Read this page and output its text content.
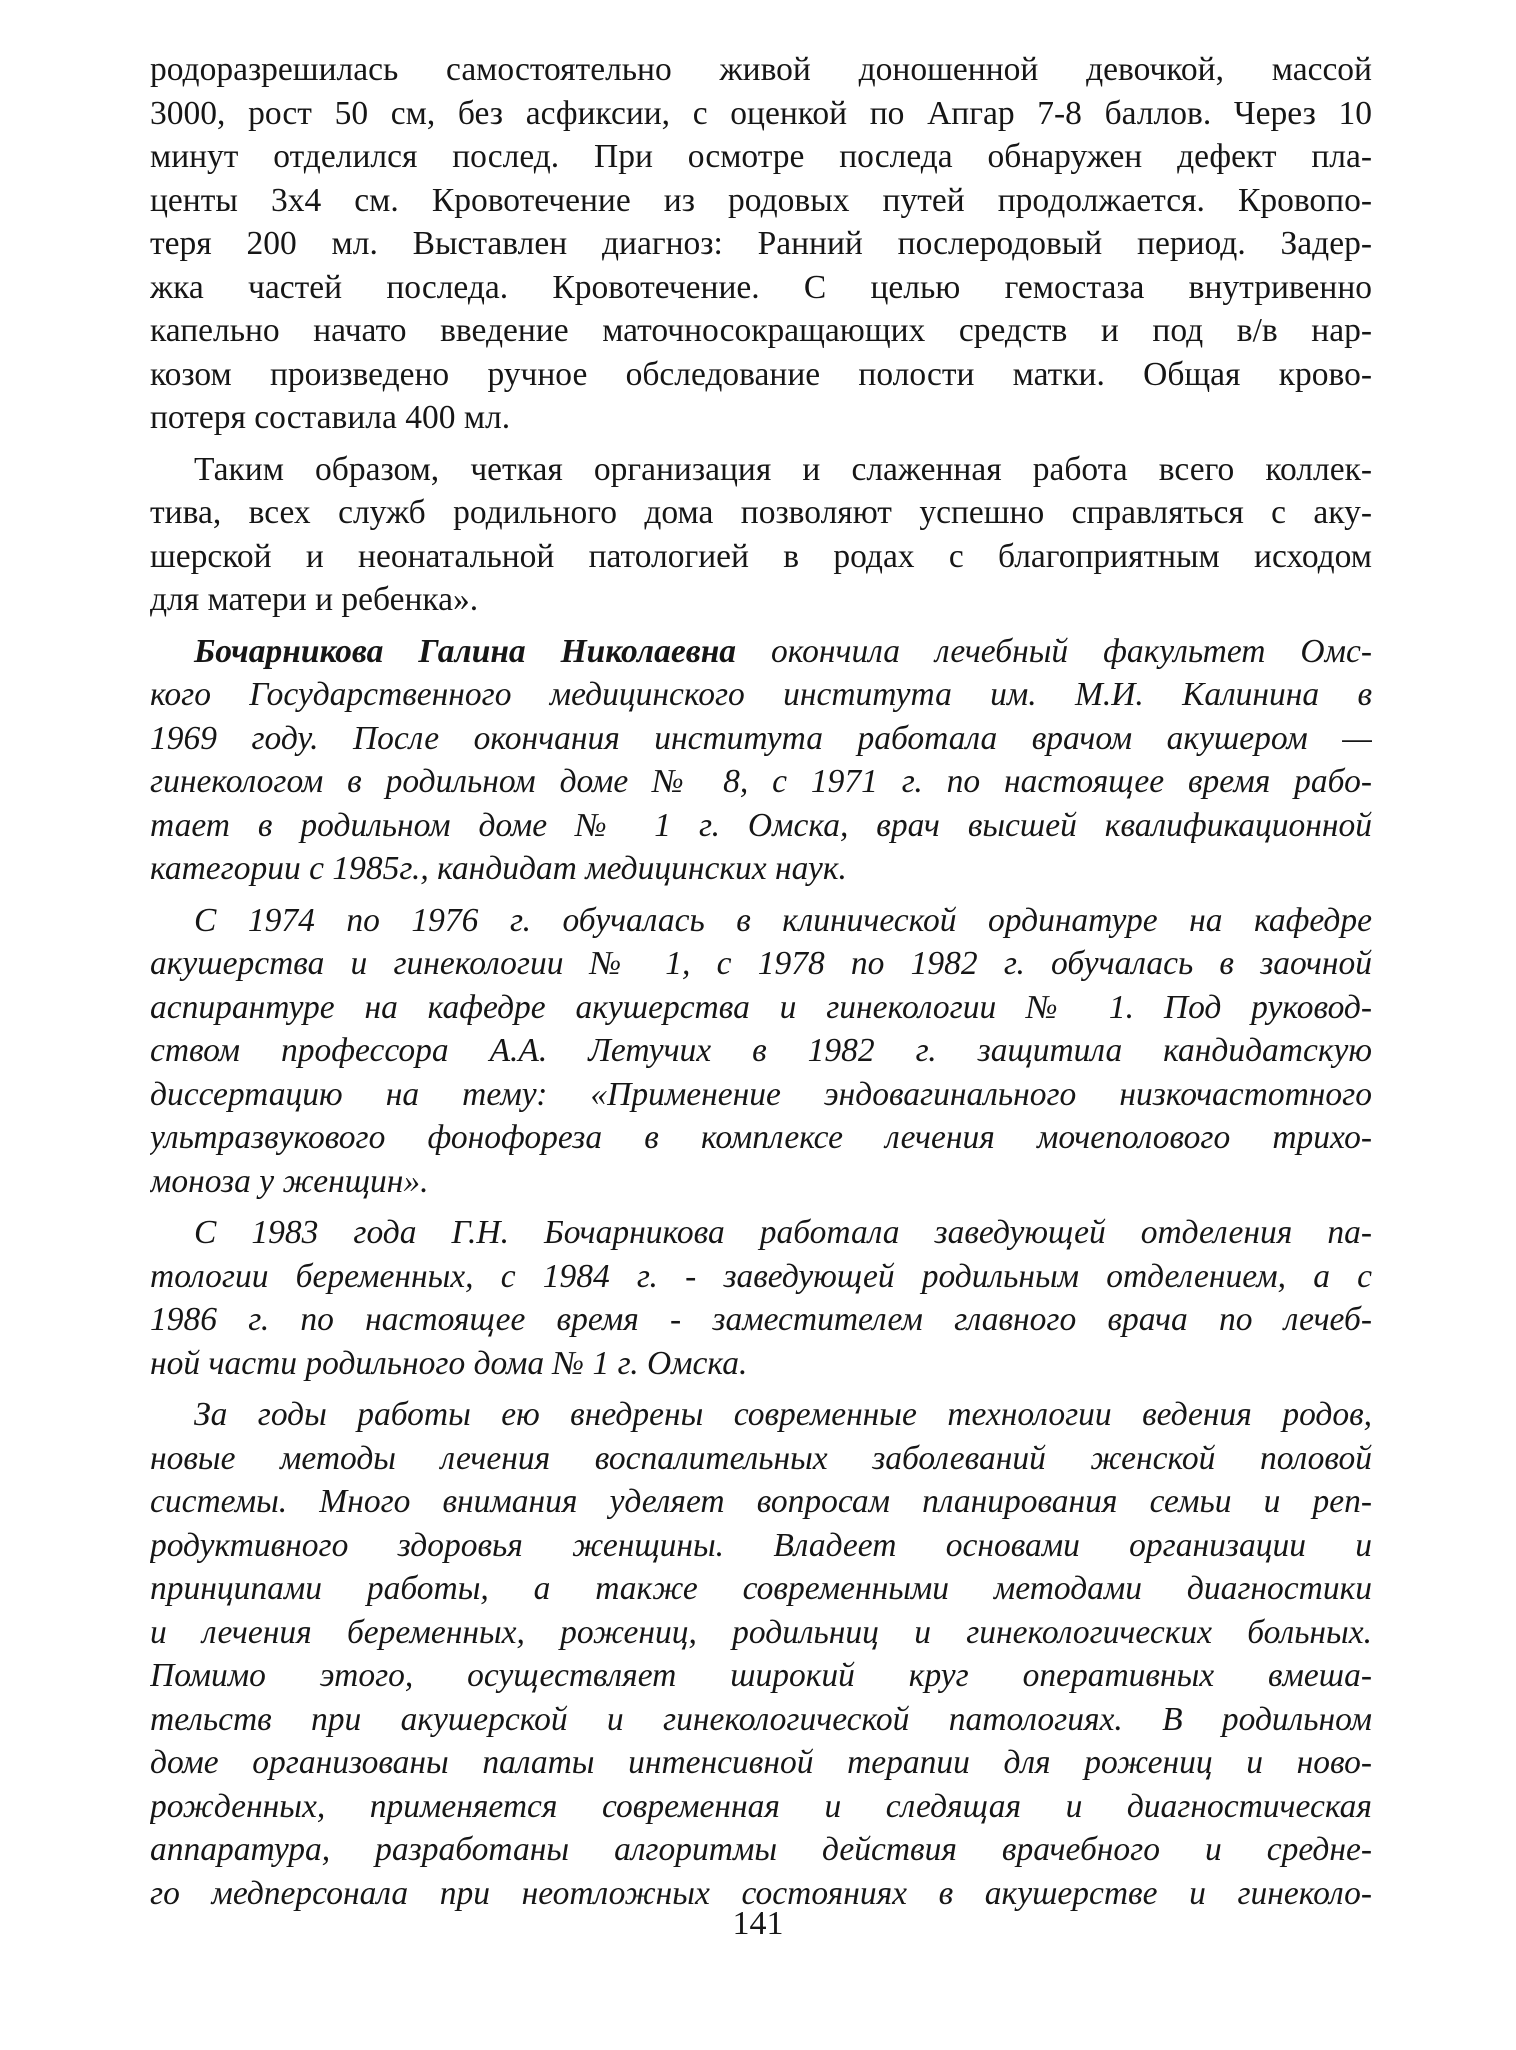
родоразрешилась самостоятельно живой доношенной девочкой, массой
3000, рост 50 см, без асфиксии, с оценкой по Апгар 7-8 баллов. Через 10
минут отделился послед. При осмотре последа обнаружен дефект пла-
центы 3х4 см. Кровотечение из родовых путей продолжается. Кровопо-
теря 200 мл. Выставлен диагноз: Ранний послеродовый период. Задер-
жка частей последа. Кровотечение. С целью гемостаза внутривенно
капельно начато введение маточносокращающих средств и под в/в нар-
козом произведено ручное обследование полости матки. Общая крово-
потеря составила 400 мл.
Таким образом, четкая организация и слаженная работа всего коллек-
тива, всех служб родильного дома позволяют успешно справляться с аку-
шерской и неонатальной патологией в родах с благоприятным исходом
для матери и ребенка».
Бочарникова Галина Николаевна окончила лечебный факультет Омс-
кого Государственного медицинского института им. М.И. Калинина в
1969 году. После окончания института работала врачом акушером —
гинекологом в родильном доме № 8, с 1971 г. по настоящее время рабо-
тает в родильном доме № 1 г. Омска, врач высшей квалификационной
категории с 1985г., кандидат медицинских наук.
С 1974 по 1976 г. обучалась в клинической ординатуре на кафедре
акушерства и гинекологии № 1, с 1978 по 1982 г. обучалась в заочной
аспирантуре на кафедре акушерства и гинекологии № 1. Под руковод-
ством профессора А.А. Летучих в 1982 г. защитила кандидатскую
диссертацию на тему: «Применение эндовагинального низкочастотного
ультразвукового фонофореза в комплексе лечения мочеполового трихо-
моноза у женщин».
С 1983 года Г.Н. Бочарникова работала заведующей отделения па-
тологии беременных, с 1984 г. - заведующей родильным отделением, а с
1986 г. по настоящее время - заместителем главного врача по лечеб-
ной части родильного дома № 1 г. Омска.
За годы работы ею внедрены современные технологии ведения родов,
новые методы лечения воспалительных заболеваний женской половой
системы. Много внимания уделяет вопросам планирования семьи и реп-
родуктивного здоровья женщины. Владеет основами организации и
принципами работы, а также современными методами диагностики
и лечения беременных, рожениц, родильниц и гинекологических больных.
Помимо этого, осуществляет широкий круг оперативных вмеша-
тельств при акушерской и гинекологической патологиях. В родильном
доме организованы палаты интенсивной терапии для рожениц и ново-
рожденных, применяется современная и следящая и диагностическая
аппаратура, разработаны алгоритмы действия врачебного и средне-
го медперсонала при неотложных состояниях в акушерстве и гинеколо-
141
